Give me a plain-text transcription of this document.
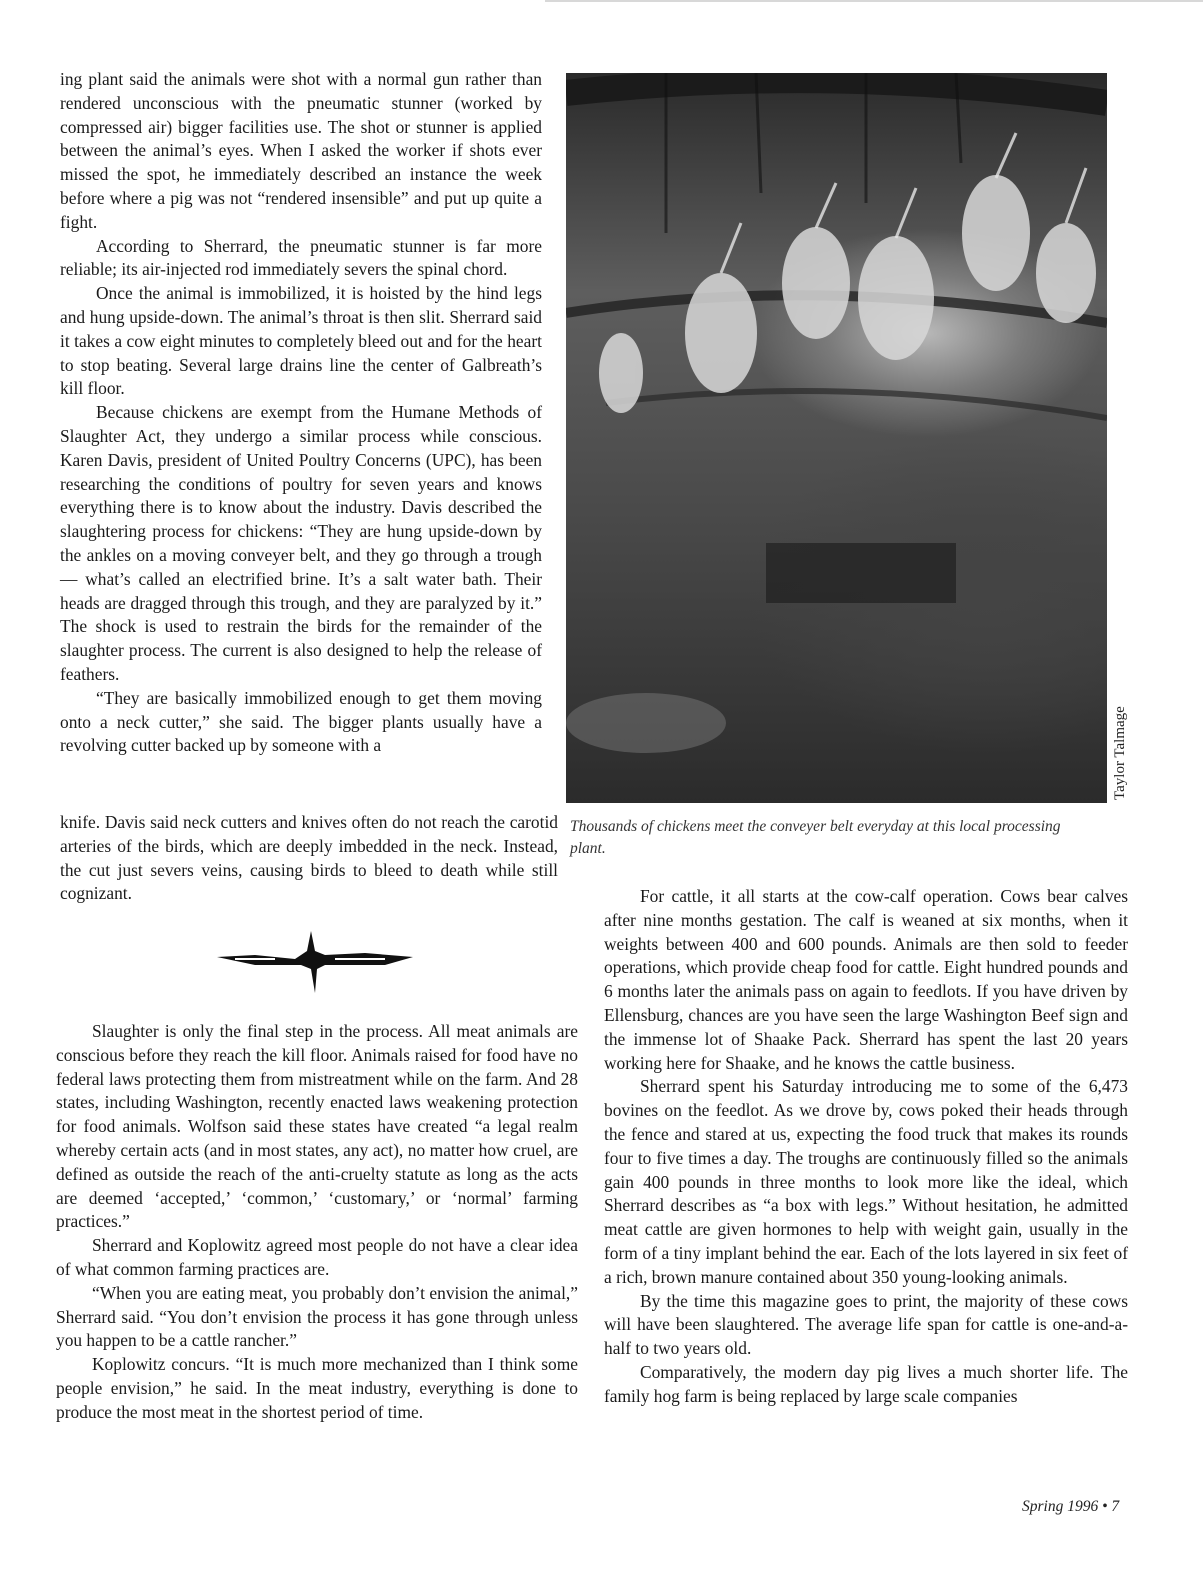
ing plant said the animals were shot with a normal gun rather than rendered unconscious with the pneumatic stunner (worked by compressed air) bigger facilities use. The shot or stunner is applied between the animal’s eyes. When I asked the worker if shots ever missed the spot, he immediately described an instance the week before where a pig was not “rendered insensible” and put up quite a fight.

According to Sherrard, the pneumatic stunner is far more reliable; its air-injected rod immediately severs the spinal chord.

Once the animal is immobilized, it is hoisted by the hind legs and hung upside-down. The animal’s throat is then slit. Sherrard said it takes a cow eight minutes to completely bleed out and for the heart to stop beating. Several large drains line the center of Galbreath’s kill floor.

Because chickens are exempt from the Humane Methods of Slaughter Act, they undergo a similar process while conscious. Karen Davis, president of United Poultry Concerns (UPC), has been researching the conditions of poultry for seven years and knows everything there is to know about the industry. Davis described the slaughtering process for chickens: “They are hung upside-down by the ankles on a moving conveyer belt, and they go through a trough — what’s called an electrified brine. It’s a salt water bath. Their heads are dragged through this trough, and they are paralyzed by it.” The shock is used to restrain the birds for the remainder of the slaughter process. The current is also designed to help the release of feathers.

“They are basically immobilized enough to get them moving onto a neck cutter,” she said. The bigger plants usually have a revolving cutter backed up by someone with a

knife. Davis said neck cutters and knives often do not reach the carotid arteries of the birds, which are deeply imbedded in the neck. Instead, the cut just severs veins, causing birds to bleed to death while still cognizant.

Taylor Talmage
Thousands of chickens meet the conveyer belt everyday at this local processing plant.

Slaughter is only the final step in the process. All meat animals are conscious before they reach the kill floor. Animals raised for food have no federal laws protecting them from mistreatment while on the farm. And 28 states, including Washington, recently enacted laws weakening protection for food animals. Wolfson said these states have created “a legal realm whereby certain acts (and in most states, any act), no matter how cruel, are defined as outside the reach of the anti-cruelty statute as long as the acts are deemed ‘accepted,’ ‘common,’ ‘customary,’ or ‘normal’ farming practices.”

Sherrard and Koplowitz agreed most people do not have a clear idea of what common farming practices are.

“When you are eating meat, you probably don’t envision the animal,” Sherrard said. “You don’t envision the process it has gone through unless you happen to be a cattle rancher.”

Koplowitz concurs. “It is much more mechanized than I think some people envision,” he said. In the meat industry, everything is done to produce the most meat in the shortest period of time.

For cattle, it all starts at the cow-calf operation. Cows bear calves after nine months gestation. The calf is weaned at six months, when it weights between 400 and 600 pounds. Animals are then sold to feeder operations, which provide cheap food for cattle. Eight hundred pounds and 6 months later the animals pass on again to feedlots. If you have driven by Ellensburg, chances are you have seen the large Washington Beef sign and the immense lot of Shaake Pack. Sherrard has spent the last 20 years working here for Shaake, and he knows the cattle business.

Sherrard spent his Saturday introducing me to some of the 6,473 bovines on the feedlot. As we drove by, cows poked their heads through the fence and stared at us, expecting the food truck that makes its rounds four to five times a day. The troughs are continuously filled so the animals gain 400 pounds in three months to look more like the ideal, which Sherrard describes as “a box with legs.” Without hesitation, he admitted meat cattle are given hormones to help with weight gain, usually in the form of a tiny implant behind the ear. Each of the lots layered in six feet of a rich, brown manure contained about 350 young-looking animals.

By the time this magazine goes to print, the majority of these cows will have been slaughtered. The average life span for cattle is one-and-a-half to two years old.

Comparatively, the modern day pig lives a much shorter life. The family hog farm is being replaced by large scale companies

Spring 1996 • 7
